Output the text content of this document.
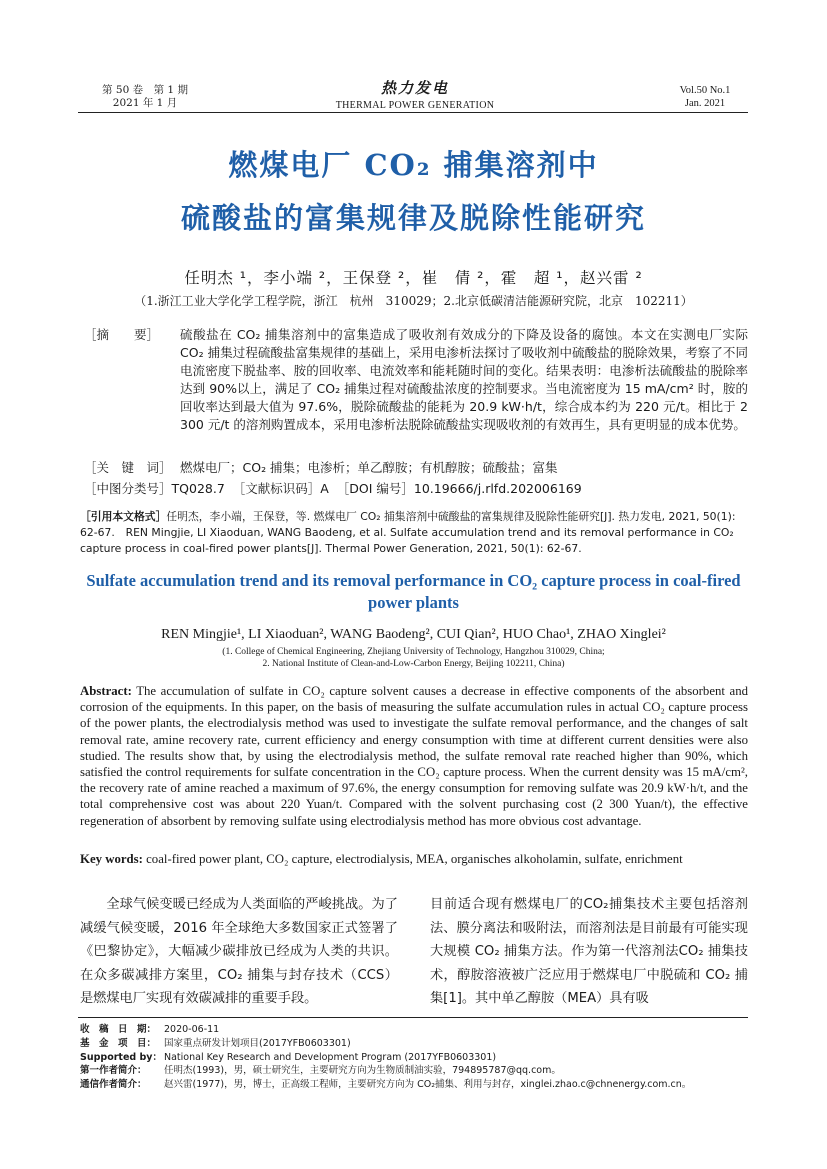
第 50 卷　第 1 期
2021 年 1 月
热力发电
THERMAL POWER GENERATION
Vol.50 No.1
Jan. 2021
燃煤电厂 CO₂ 捕集溶剂中
硫酸盐的富集规律及脱除性能研究
任明杰 ¹，李小端 ²，王保登 ²，崔　倩 ²，霍　超 ¹，赵兴雷 ²
（1.浙江工业大学化学工程学院，浙江　杭州　310029；2.北京低碳清洁能源研究院，北京　102211）
［摘　　要］ 硫酸盐在 CO₂ 捕集溶剂中的富集造成了吸收剂有效成分的下降及设备的腐蚀。本文在实测电厂实际 CO₂ 捕集过程硫酸盐富集规律的基础上，采用电渗析法探讨了吸收剂中硫酸盐的脱除效果，考察了不同电流密度下脱盐率、胺的回收率、电流效率和能耗随时间的变化。结果表明：电渗析法硫酸盐的脱除率达到 90%以上，满足了 CO₂ 捕集过程对硫酸盐浓度的控制要求。当电流密度为 15 mA/cm² 时，胺的回收率达到最大值为 97.6%，脱除硫酸盐的能耗为 20.9 kW·h/t，综合成本约为 220 元/t。相比于 2 300 元/t 的溶剂购置成本，采用电渗析法脱除硫酸盐实现吸收剂的有效再生，具有更明显的成本优势。
［关　键　词］ 燃煤电厂；CO₂ 捕集；电渗析；单乙醇胺；有机醇胺；硫酸盐；富集
［中图分类号］TQ028.7 ［文献标识码］A ［DOI 编号］10.19666/j.rlfd.202006169
［引用本文格式］任明杰，李小端，王保登，等. 燃煤电厂 CO₂ 捕集溶剂中硫酸盐的富集规律及脱除性能研究[J]. 热力发电, 2021, 50(1): 62-67.　REN Mingjie, LI Xiaoduan, WANG Baodeng, et al. Sulfate accumulation trend and its removal performance in CO₂ capture process in coal-fired power plants[J]. Thermal Power Generation, 2021, 50(1): 62-67.
Sulfate accumulation trend and its removal performance in CO₂ capture process in coal-fired power plants
REN Mingjie¹, LI Xiaoduan², WANG Baodeng², CUI Qian², HUO Chao¹, ZHAO Xinglei²
(1. College of Chemical Engineering, Zhejiang University of Technology, Hangzhou 310029, China;
2. National Institute of Clean-and-Low-Carbon Energy, Beijing 102211, China)
Abstract: The accumulation of sulfate in CO₂ capture solvent causes a decrease in effective components of the absorbent and corrosion of the equipments. In this paper, on the basis of measuring the sulfate accumulation rules in actual CO₂ capture process of the power plants, the electrodialysis method was used to investigate the sulfate removal performance, and the changes of salt removal rate, amine recovery rate, current efficiency and energy consumption with time at different current densities were also studied. The results show that, by using the electrodialysis method, the sulfate removal rate reached higher than 90%, which satisfied the control requirements for sulfate concentration in the CO₂ capture process. When the current density was 15 mA/cm², the recovery rate of amine reached a maximum of 97.6%, the energy consumption for removing sulfate was 20.9 kW·h/t, and the total comprehensive cost was about 220 Yuan/t. Compared with the solvent purchasing cost (2 300 Yuan/t), the effective regeneration of absorbent by removing sulfate using electrodialysis method has more obvious cost advantage.
Key words: coal-fired power plant, CO₂ capture, electrodialysis, MEA, organisches alkoholamin, sulfate, enrichment
全球气候变暖已经成为人类面临的严峻挑战。为了减缓气候变暖，2016 年全球绝大多数国家正式签署了《巴黎协定》，大幅减少碳排放已经成为人类的共识。在众多碳减排方案里，CO₂ 捕集与封存技术（CCS）是燃煤电厂实现有效碳减排的重要手段。
目前适合现有燃煤电厂的CO₂捕集技术主要包括溶剂法、膜分离法和吸附法，而溶剂法是目前最有可能实现大规模 CO₂ 捕集方法。作为第一代溶剂法CO₂ 捕集技术，醇胺溶液被广泛应用于燃煤电厂中脱硫和 CO₂ 捕集[1]。其中单乙醇胺（MEA）具有吸
收　稿　日　期： 2020-06-11
基　金　项　目： 国家重点研发计划项目(2017YFB0603301)
Supported by： National Key Research and Development Program (2017YFB0603301)
第一作者简介： 任明杰(1993)，男，硕士研究生，主要研究方向为生物质制油实验，794895787@qq.com。
通信作者简介： 赵兴雷(1977)，男，博士，正高级工程师，主要研究方向为 CO₂捕集、利用与封存，xinglei.zhao.c@chnenergy.com.cn。
